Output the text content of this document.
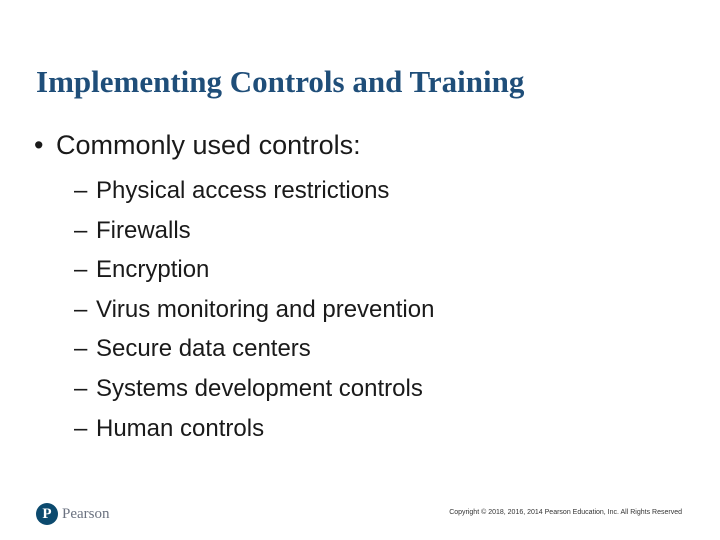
Implementing Controls and Training
• Commonly used controls:
– Physical access restrictions
– Firewalls
– Encryption
– Virus monitoring and prevention
– Secure data centers
– Systems development controls
– Human controls
P Pearson	Copyright © 2018, 2016, 2014 Pearson Education, Inc. All Rights Reserved
